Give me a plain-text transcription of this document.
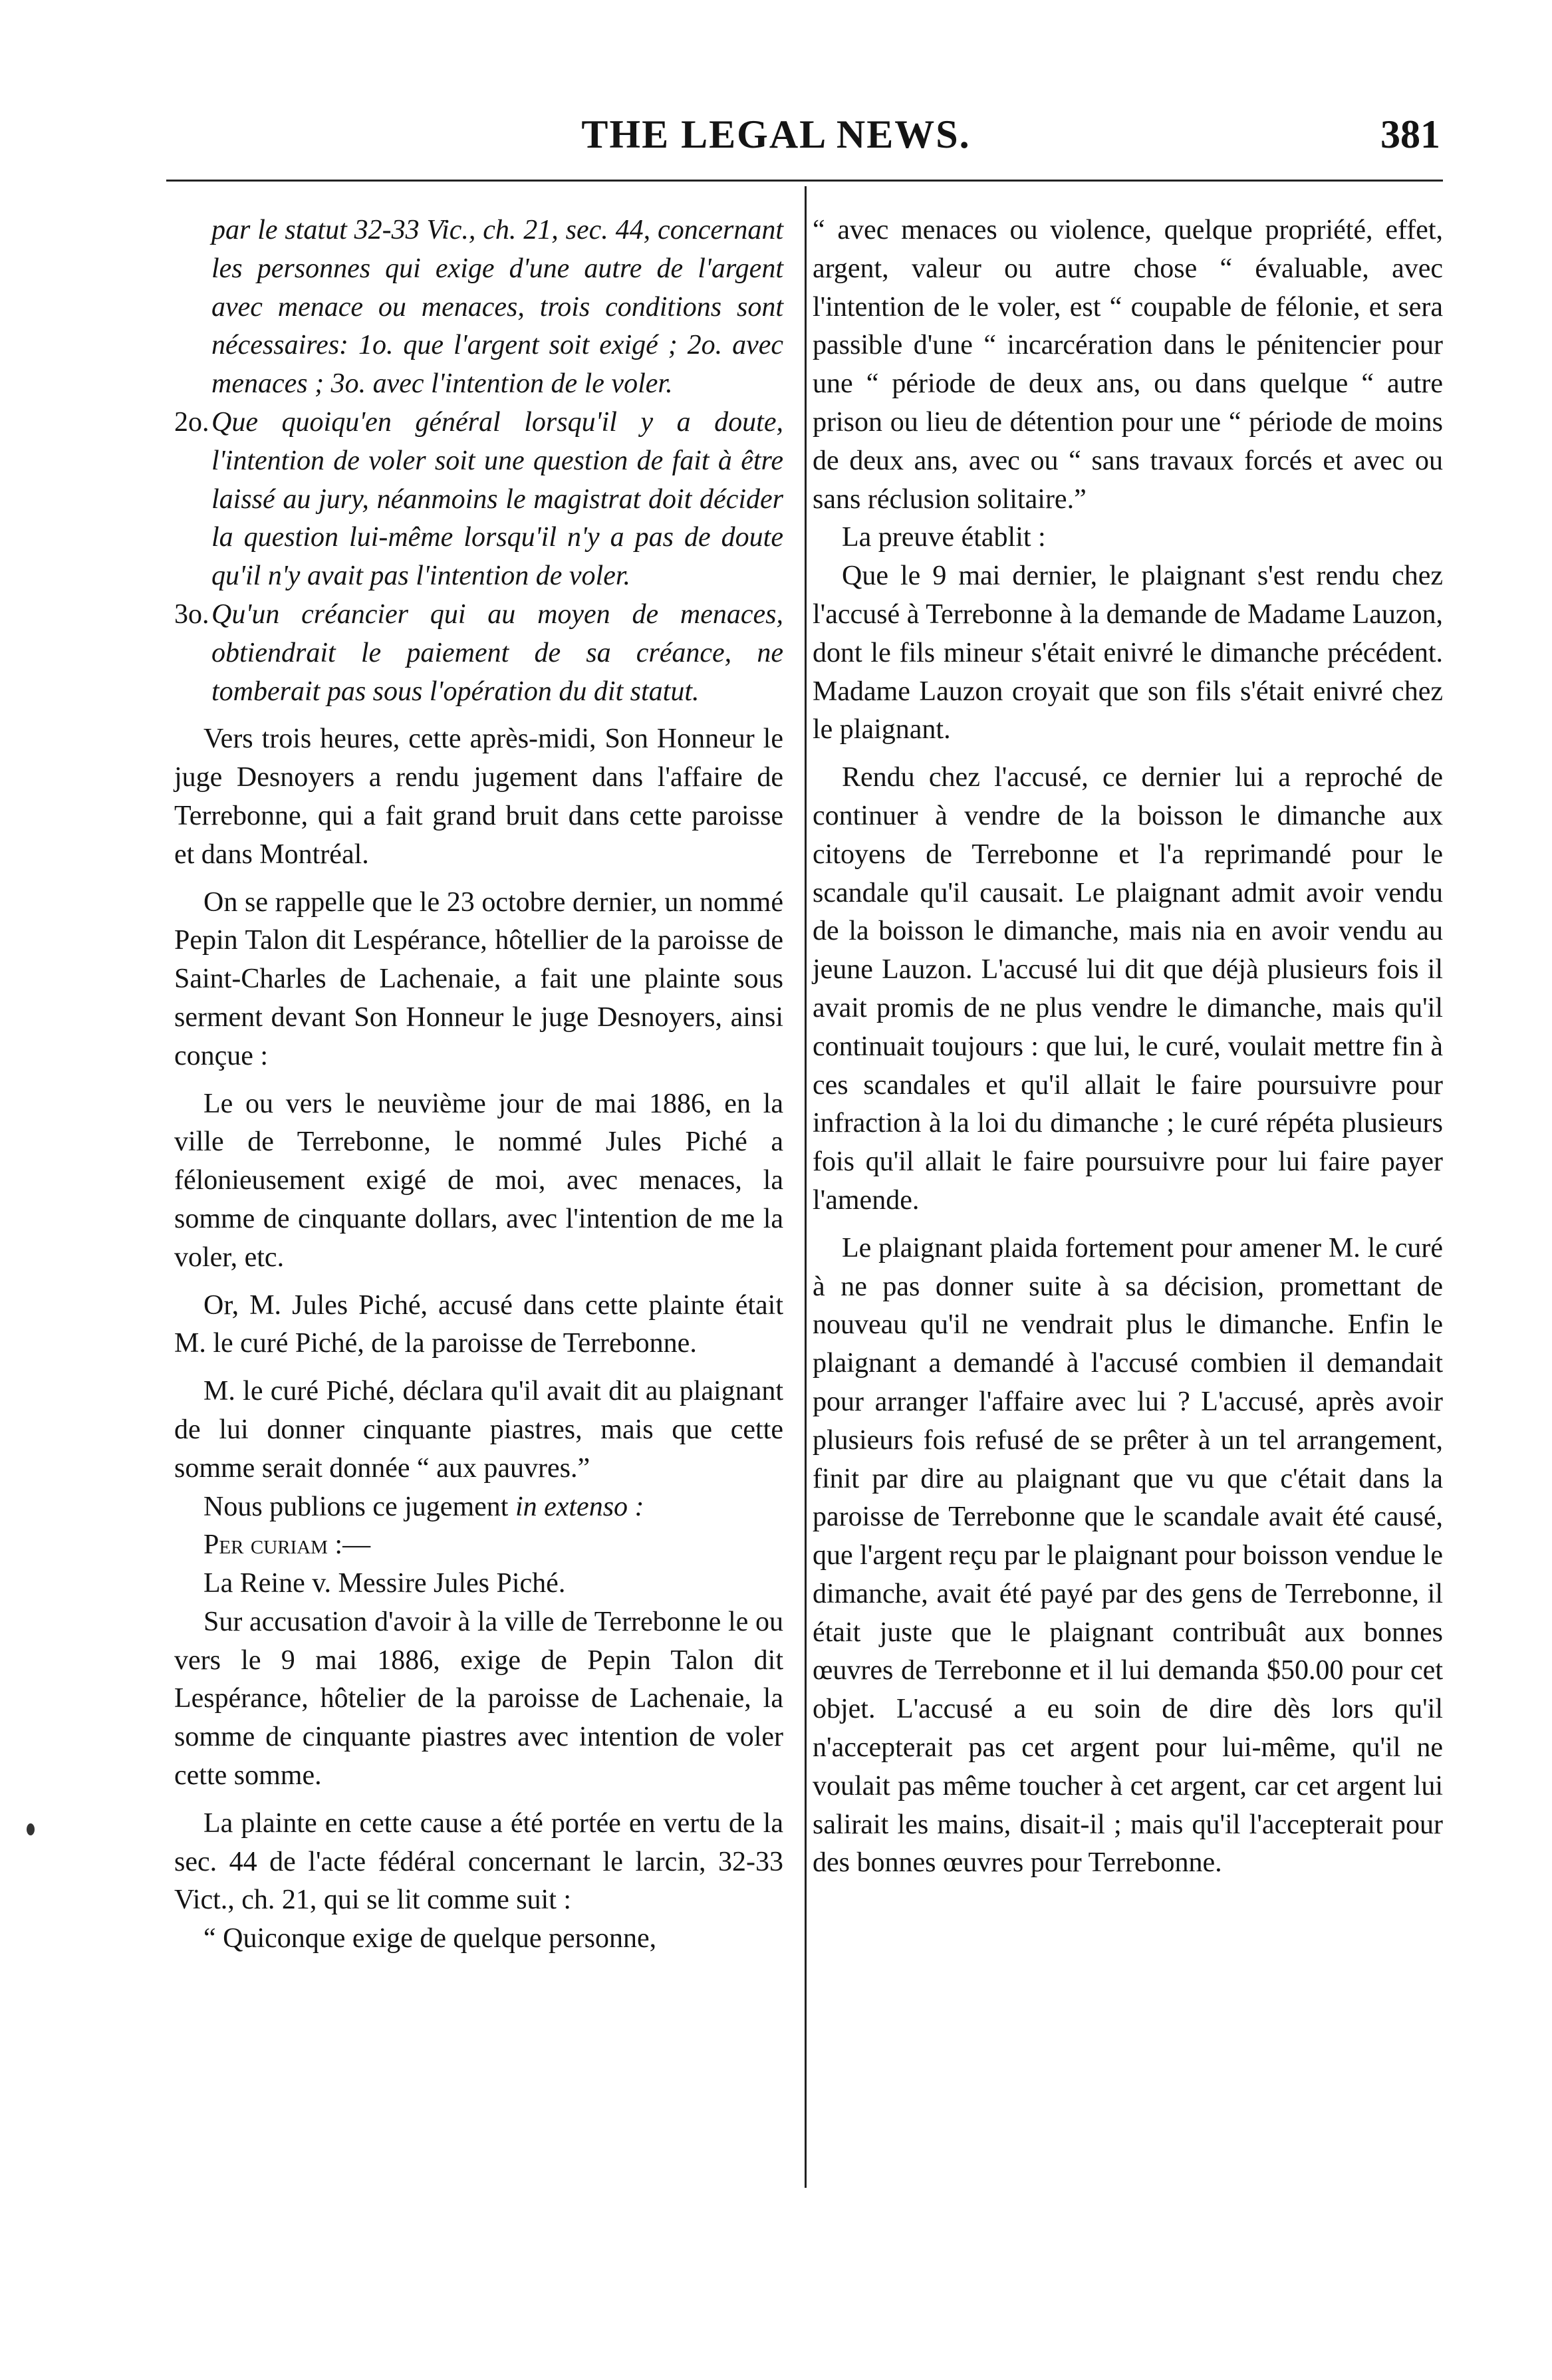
THE LEGAL NEWS.	381

par le statut 32-33 Vic., ch. 21, sec. 44, concernant les personnes qui exige d'une autre de l'argent avec menace ou menaces, trois conditions sont nécessaires: 1o. que l'argent soit exigé ; 2o. avec menaces ; 3o. avec l'intention de le voler.

2o. Que quoiqu'en général lorsqu'il y a doute, l'intention de voler soit une question de fait à être laissé au jury, néanmoins le magistrat doit décider la question lui-même lorsqu'il n'y a pas de doute qu'il n'y avait pas l'intention de voler.
3o. Qu'un créancier qui au moyen de menaces, obtiendrait le paiement de sa créance, ne tomberait pas sous l'opération du dit statut.

Vers trois heures, cette après-midi, Son Honneur le juge Desnoyers a rendu jugement dans l'affaire de Terrebonne, qui a fait grand bruit dans cette paroisse et dans Montréal.

On se rappelle que le 23 octobre dernier, un nommé Pepin Talon dit Lespérance, hôtellier de la paroisse de Saint-Charles de Lachenaie, a fait une plainte sous serment devant Son Honneur le juge Desnoyers, ainsi conçue :

Le ou vers le neuvième jour de mai 1886, en la ville de Terrebonne, le nommé Jules Piché a félonieusement exigé de moi, avec menaces, la somme de cinquante dollars, avec l'intention de me la voler, etc.

Or, M. Jules Piché, accusé dans cette plainte était M. le curé Piché, de la paroisse de Terrebonne.

M. le curé Piché, déclara qu'il avait dit au plaignant de lui donner cinquante piastres, mais que cette somme serait donnée “ aux pauvres.”

Nous publions ce jugement in extenso :

Per curiam :—

La Reine v. Messire Jules Piché.

Sur accusation d'avoir à la ville de Terrebonne le ou vers le 9 mai 1886, exige de Pepin Talon dit Lespérance, hôtelier de la paroisse de Lachenaie, la somme de cinquante piastres avec intention de voler cette somme.

La plainte en cette cause a été portée en vertu de la sec. 44 de l'acte fédéral concernant le larcin, 32-33 Vict., ch. 21, qui se lit comme suit :

“ Quiconque exige de quelque personne,

“ avec menaces ou violence, quelque propriété, effet, argent, valeur ou autre chose “ évaluable, avec l'intention de le voler, est “ coupable de félonie, et sera passible d'une “ incarcération dans le pénitencier pour une “ période de deux ans, ou dans quelque “ autre prison ou lieu de détention pour une “ période de moins de deux ans, avec ou “ sans travaux forcés et avec ou sans réclusion solitaire.”

La preuve établit :

Que le 9 mai dernier, le plaignant s'est rendu chez l'accusé à Terrebonne à la demande de Madame Lauzon, dont le fils mineur s'était enivré le dimanche précédent. Madame Lauzon croyait que son fils s'était enivré chez le plaignant.

Rendu chez l'accusé, ce dernier lui a reproché de continuer à vendre de la boisson le dimanche aux citoyens de Terrebonne et l'a reprimandé pour le scandale qu'il causait. Le plaignant admit avoir vendu de la boisson le dimanche, mais nia en avoir vendu au jeune Lauzon. L'accusé lui dit que déjà plusieurs fois il avait promis de ne plus vendre le dimanche, mais qu'il continuait toujours : que lui, le curé, voulait mettre fin à ces scandales et qu'il allait le faire poursuivre pour infraction à la loi du dimanche ; le curé répéta plusieurs fois qu'il allait le faire poursuivre pour lui faire payer l'amende.

Le plaignant plaida fortement pour amener M. le curé à ne pas donner suite à sa décision, promettant de nouveau qu'il ne vendrait plus le dimanche. Enfin le plaignant a demandé à l'accusé combien il demandait pour arranger l'affaire avec lui ? L'accusé, après avoir plusieurs fois refusé de se prêter à un tel arrangement, finit par dire au plaignant que vu que c'était dans la paroisse de Terrebonne que le scandale avait été causé, que l'argent reçu par le plaignant pour boisson vendue le dimanche, avait été payé par des gens de Terrebonne, il était juste que le plaignant contribuât aux bonnes œuvres de Terrebonne et il lui demanda $50.00 pour cet objet. L'accusé a eu soin de dire dès lors qu'il n'accepterait pas cet argent pour lui-même, qu'il ne voulait pas même toucher à cet argent, car cet argent lui salirait les mains, disait-il ; mais qu'il l'accepterait pour des bonnes œuvres pour Terrebonne.
